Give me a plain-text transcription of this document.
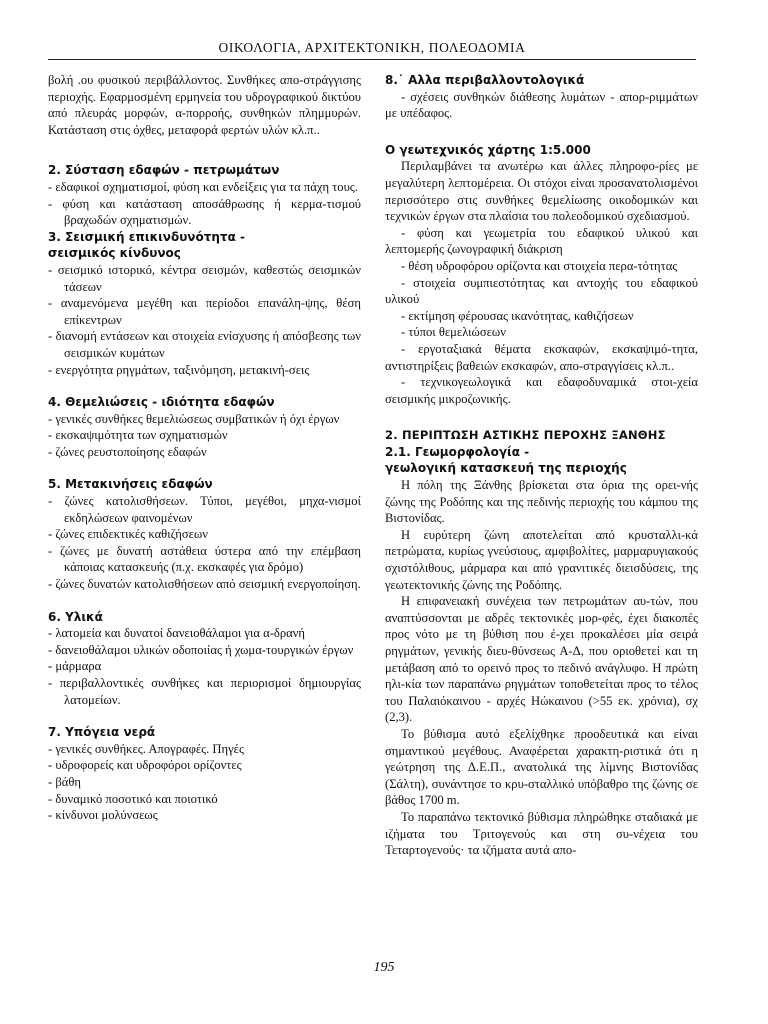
ΟΙΚΟΛΟΓΙΑ, ΑΡΧΙΤΕΚΤΟΝΙΚΗ, ΠΟΛΕΟΔΟΜΙΑ

βολή .ου φυσικού περιβάλλοντος. Συνθήκες απο-στράγγισης περιοχής. Εφαρμοσμένη ερμηνεία του υδρογραφικού δικτύου από πλευράς μορφών, α-πορροής, συνθηκών πλημμυρών. Κατάσταση στις όχθες, μεταφορά φερτών υλών κλ.π..

2. Σύσταση εδαφών - πετρωμάτων

- εδαφικοί σχηματισμοί, φύση και ενδείξεις για τα πάχη τους.

- φύση και κατάσταση αποσάθρωσης ή κερμα-τισμού βραχωδών σχηματισμών.

3. Σεισμική επικινδυνότητα -

σεισμικός κίνδυνος

- σεισμικό ιστορικό, κέντρα σεισμών, καθεστώς σεισμικών τάσεων

- αναμενόμενα μεγέθη και περίοδοι επανάλη-ψης, θέση επίκεντρων

- διανομή εντάσεων και στοιχεία ενίσχυσης ή απόσβεσης των σεισμικών κυμάτων

- ενεργότητα ρηγμάτων, ταξινόμηση, μετακινή-σεις

4. Θεμελιώσεις - ιδιότητα εδαφών

- γενικές συνθήκες θεμελιώσεως συμβατικών ή όχι έργων

- εκσκαψιμότητα των σχηματισμών

- ζώνες ρευστοποίησης εδαφών

5. Μετακινήσεις εδαφών

- ζώνες κατολισθήσεων. Τύποι, μεγέθοι, μηχα-νισμοί εκδηλώσεων φαινομένων

- ζώνες επιδεκτικές καθιζήσεων

- ζώνες με δυνατή αστάθεια ύστερα από την επέμβαση κάποιας κατασκευής (π.χ. εκσκαφές για δρόμο)

- ζώνες δυνατών κατολισθήσεων από σεισμική ενεργοποίηση.

6. Υλικά

- λατομεία και δυνατοί δανειοθάλαμοι για α-δρανή

- δανειοθάλαμοι υλικών οδοποιίας ή χωμα-τουργικών έργων

- μάρμαρα

- περιβαλλοντικές συνθήκες και περιορισμοί δημιουργίας λατομείων.

7. Υπόγεια νερά

- γενικές συνθήκες. Απογραφές. Πηγές

- υδροφορείς και υδροφόροι ορίζοντες

- βάθη

- δυναμικό ποσοτικό και ποιοτικό

- κίνδυνοι μολύνσεως

8.˙ Αλλα περιβαλλοντολογικά

- σχέσεις συνθηκών διάθεσης λυμάτων - απορ-ριμμάτων με υπέδαφος.

Ο γεωτεχνικός χάρτης 1:5.000

Περιλαμβάνει τα ανωτέρω και άλλες πληροφο-ρίες με μεγαλύτερη λεπτομέρεια. Οι στόχοι είναι προσανατολισμένοι περισσότερο στις συνθήκες θεμελίωσης οικοδομικών και τεχνικών έργων στα πλαίσια του πολεοδομικού σχεδιασμού.

- φύση και γεωμετρία του εδαφικού υλικού και λεπτομερής ζωνογραφική διάκριση

- θέση υδροφόρου ορίζοντα και στοιχεία περα-τότητας

- στοιχεία συμπιεστότητας και αντοχής του εδαφικού υλικού

- εκτίμηση φέρουσας ικανότητας, καθιζήσεων

- τύποι θεμελιώσεων

- εργοταξιακά θέματα εκσκαφών, εκσκαψιμό-τητα, αντιστηρίξεις βαθειών εκσκαφών, απο-στραγγίσεις κλ.π..

- τεχνικογεωλογικά και εδαφοδυναμικά στοι-χεία σεισμικής μικροζωνικής.

2. ΠΕΡΙΠΤΩΣΗ ΑΣΤΙΚΗΣ ΠΕΡΟΧΗΣ ΞΑΝΘΗΣ

2.1. Γεωμορφολογία -

γεωλογική κατασκευή της περιοχής

Η πόλη της Ξάνθης βρίσκεται στα όρια της ορει-νής ζώνης της Ροδόπης και της πεδινής περιοχής του κάμπου της Βιστονίδας.

Η ευρύτερη ζώνη αποτελείται από κρυσταλλι-κά πετρώματα, κυρίως γνεύσιους, αμφιβολίτες, μαρμαρυγιακούς σχιστόλιθους, μάρμαρα και από γρανιτικές διεισδύσεις, της γεωτεκτονικής ζώνης της Ροδόπης.

Η επιφανειακή συνέχεια των πετρωμάτων αυ-τών, που αναπτύσσονται με αδρές τεκτονικές μορ-φές, έχει διακοπές προς νότο με τη βύθιση που έ-χει προκαλέσει μία σειρά ρηγμάτων, γενικής διευ-θύνσεως Α-Δ, που οριοθετεί και τη μετάβαση από το ορεινό προς το πεδινό ανάγλυφο. Η πρώτη ηλι-κία των παραπάνω ρηγμάτων τοποθετείται προς το τέλος του Παλαιόκαινου - αρχές Ηώκαινου (>55 εκ. χρόνια), σχ (2,3).

Το βύθισμα αυτό εξελίχθηκε προοδευτικά και είναι σημαντικού μεγέθους. Αναφέρεται χαρακτη-ριστικά ότι η γεώτρηση της Δ.Ε.Π., ανατολικά της λίμνης Βιστονίδας (Σάλτη), συνάντησε το κρυ-σταλλικό υπόβαθρο της ζώνης σε βάθος 1700 m.

Το παραπάνω τεκτονικό βύθισμα πληρώθηκε σταδιακά με ιζήματα του Τριτογενούς και στη συ-νέχεια του Τεταρτογενούς· τα ιζήματα αυτά απο-

195
